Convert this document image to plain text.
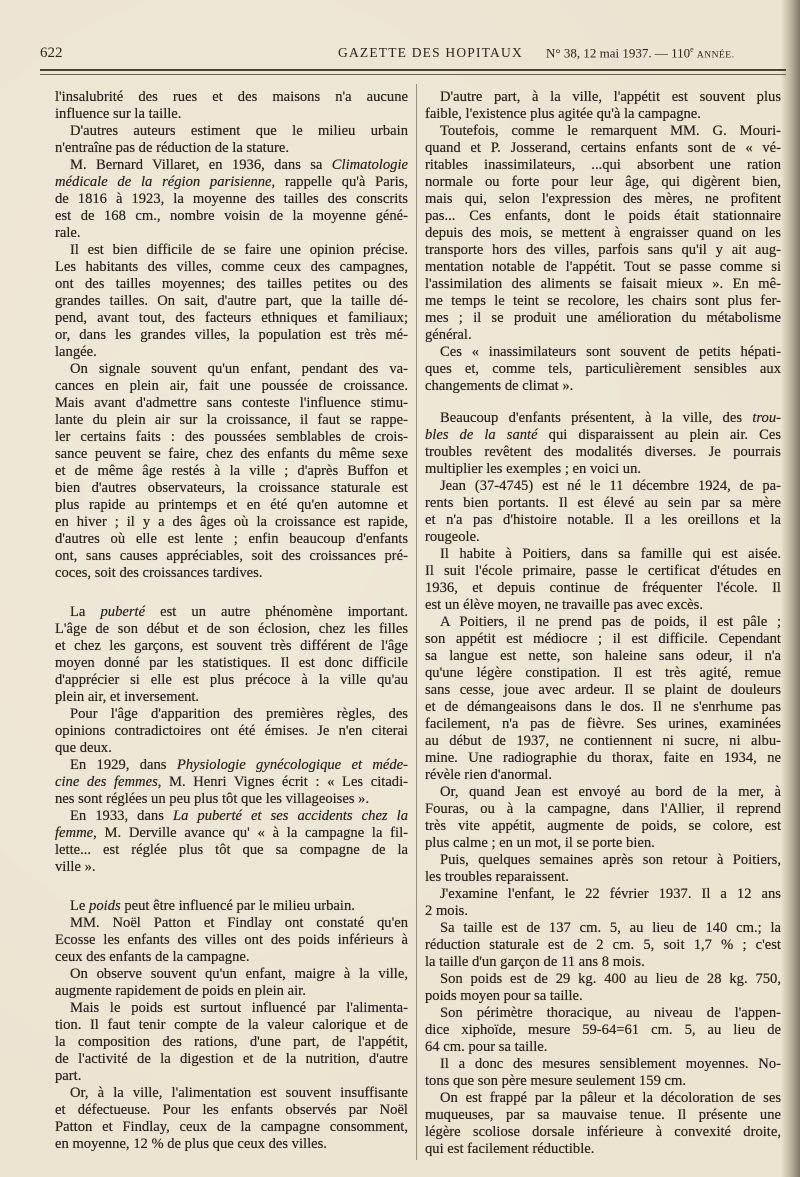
622	GAZETTE DES HOPITAUX N° 38, 12 mai 1937. — 110e ANNÉE.
l'insalubrité des rues et des maisons n'a aucune
influence sur la taille.
D'autres auteurs estiment que le milieu urbain
n'entraîne pas de réduction de la stature.
M. Bernard Villaret, en 1936, dans sa Climatologie
médicale de la région parisienne, rappelle qu'à Paris,
de 1816 à 1923, la moyenne des tailles des conscrits
est de 168 cm., nombre voisin de la moyenne géné-
rale.
Il est bien difficile de se faire une opinion précise.
Les habitants des villes, comme ceux des campagnes,
ont des tailles moyennes; des tailles petites ou des
grandes tailles. On sait, d'autre part, que la taille dé-
pend, avant tout, des facteurs ethniques et familiaux;
or, dans les grandes villes, la population est très mé-
langée.
On signale souvent qu'un enfant, pendant des va-
cances en plein air, fait une poussée de croissance.
Mais avant d'admettre sans conteste l'influence stimu-
lante du plein air sur la croissance, il faut se rappe-
ler certains faits : des poussées semblables de crois-
sance peuvent se faire, chez des enfants du même sexe
et de même âge restés à la ville ; d'après Buffon et
bien d'autres observateurs, la croissance staturale est
plus rapide au printemps et en été qu'en automne et
en hiver ; il y a des âges où la croissance est rapide,
d'autres où elle est lente ; enfin beaucoup d'enfants
ont, sans causes appréciables, soit des croissances pré-
coces, soit des croissances tardives.
La puberté est un autre phénomène important.
L'âge de son début et de son éclosion, chez les filles
et chez les garçons, est souvent très différent de l'âge
moyen donné par les statistiques. Il est donc difficile
d'apprécier si elle est plus précoce à la ville qu'au
plein air, et inversement.
Pour l'âge d'apparition des premières règles, des
opinions contradictoires ont été émises. Je n'en citerai
que deux.
En 1929, dans Physiologie gynécologique et méde-
cine des femmes, M. Henri Vignes écrit : « Les citadi-
nes sont réglées un peu plus tôt que les villageoises ».
En 1933, dans La puberté et ses accidents chez la
femme, M. Derville avance qu' « à la campagne la fil-
lette... est réglée plus tôt que sa compagne de la
ville ».
Le poids peut être influencé par le milieu urbain.
MM. Noël Patton et Findlay ont constaté qu'en
Ecosse les enfants des villes ont des poids inférieurs à
ceux des enfants de la campagne.
On observe souvent qu'un enfant, maigre à la ville,
augmente rapidement de poids en plein air.
Mais le poids est surtout influencé par l'alimenta-
tion. Il faut tenir compte de la valeur calorique et de
la composition des rations, d'une part, de l'appétit,
de l'activité de la digestion et de la nutrition, d'autre
part.
Or, à la ville, l'alimentation est souvent insuffisante
et défectueuse. Pour les enfants observés par Noël
Patton et Findlay, ceux de la campagne consomment,
en moyenne, 12 % de plus que ceux des villes.
D'autre part, à la ville, l'appétit est souvent plus
faible, l'existence plus agitée qu'à la campagne.
Toutefois, comme le remarquent MM. G. Mouri-
quand et P. Josserand, certains enfants sont de « vé-
ritables inassimilateurs, ...qui absorbent une ration
normale ou forte pour leur âge, qui digèrent bien,
mais qui, selon l'expression des mères, ne profitent
pas... Ces enfants, dont le poids était stationnaire
depuis des mois, se mettent à engraisser quand on les
transporte hors des villes, parfois sans qu'il y ait aug-
mentation notable de l'appétit. Tout se passe comme si
l'assimilation des aliments se faisait mieux ». En mê-
me temps le teint se recolore, les chairs sont plus fer-
mes ; il se produit une amélioration du métabolisme
général.
Ces « inassimilateurs sont souvent de petits hépati-
ques et, comme tels, particulièrement sensibles aux
changements de climat ».
Beaucoup d'enfants présentent, à la ville, des trou-
bles de la santé qui disparaissent au plein air. Ces
troubles revêtent des modalités diverses. Je pourrais
multiplier les exemples ; en voici un.
Jean (37-4745) est né le 11 décembre 1924, de pa-
rents bien portants. Il est élevé au sein par sa mère
et n'a pas d'histoire notable. Il a les oreillons et la
rougeole.
Il habite à Poitiers, dans sa famille qui est aisée.
Il suit l'école primaire, passe le certificat d'études en
1936, et depuis continue de fréquenter l'école. Il
est un élève moyen, ne travaille pas avec excès.
A Poitiers, il ne prend pas de poids, il est pâle ;
son appétit est médiocre ; il est difficile. Cependant
sa langue est nette, son haleine sans odeur, il n'a
qu'une légère constipation. Il est très agité, remue
sans cesse, joue avec ardeur. Il se plaint de douleurs
et de démangeaisons dans le dos. Il ne s'enrhume pas
facilement, n'a pas de fièvre. Ses urines, examinées
au début de 1937, ne contiennent ni sucre, ni albu-
mine. Une radiographie du thorax, faite en 1934, ne
révèle rien d'anormal.
Or, quand Jean est envoyé au bord de la mer, à
Fouras, ou à la campagne, dans l'Allier, il reprend
très vite appétit, augmente de poids, se colore, est
plus calme ; en un mot, il se porte bien.
Puis, quelques semaines après son retour à Poitiers,
les troubles reparaissent.
J'examine l'enfant, le 22 février 1937. Il a 12 ans
2 mois.
Sa taille est de 137 cm. 5, au lieu de 140 cm.; la
réduction staturale est de 2 cm. 5, soit 1,7 % ; c'est
la taille d'un garçon de 11 ans 8 mois.
Son poids est de 29 kg. 400 au lieu de 28 kg. 750,
poids moyen pour sa taille.
Son périmètre thoracique, au niveau de l'appen-
dice xiphoïde, mesure 59-64=61 cm. 5, au lieu de
64 cm. pour sa taille.
Il a donc des mesures sensiblement moyennes. No-
tons que son père mesure seulement 159 cm.
On est frappé par la pâleur et la décoloration de ses
muqueuses, par sa mauvaise tenue. Il présente une
légère scoliose dorsale inférieure à convexité droite,
qui est facilement réductible.
